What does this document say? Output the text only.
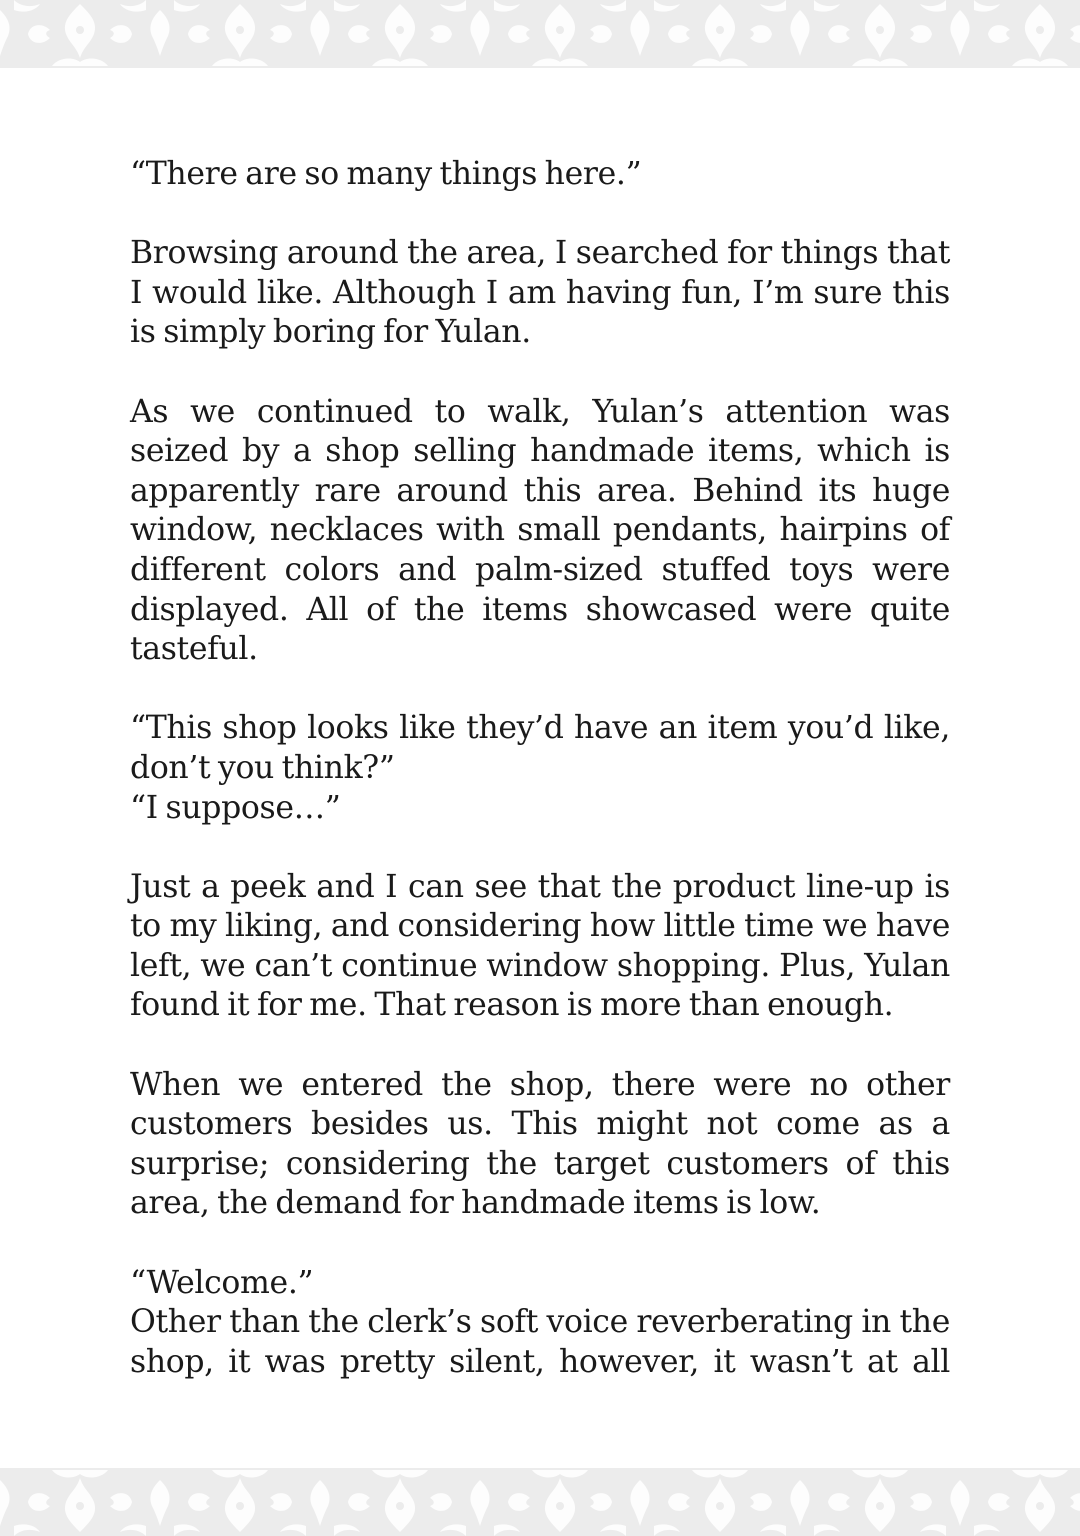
“There are so many things here.”

Browsing around the area, I searched for things that I would like. Although I am having fun, I’m sure this is simply boring for Yulan.

As we continued to walk, Yulan’s attention was seized by a shop selling handmade items, which is apparently rare around this area. Behind its huge window, necklaces with small pendants, hairpins of different colors and palm-sized stuffed toys were displayed. All of the items showcased were quite tasteful.

“This shop looks like they’d have an item you’d like, don’t you think?”

“I suppose…”

Just a peek and I can see that the product line-up is to my liking, and considering how little time we have left, we can’t continue window shopping. Plus, Yulan found it for me. That reason is more than enough.

When we entered the shop, there were no other customers besides us. This might not come as a surprise; considering the target customers of this area, the demand for handmade items is low.

“Welcome.”

Other than the clerk’s soft voice reverberating in the shop, it was pretty silent, however, it wasn’t at all
